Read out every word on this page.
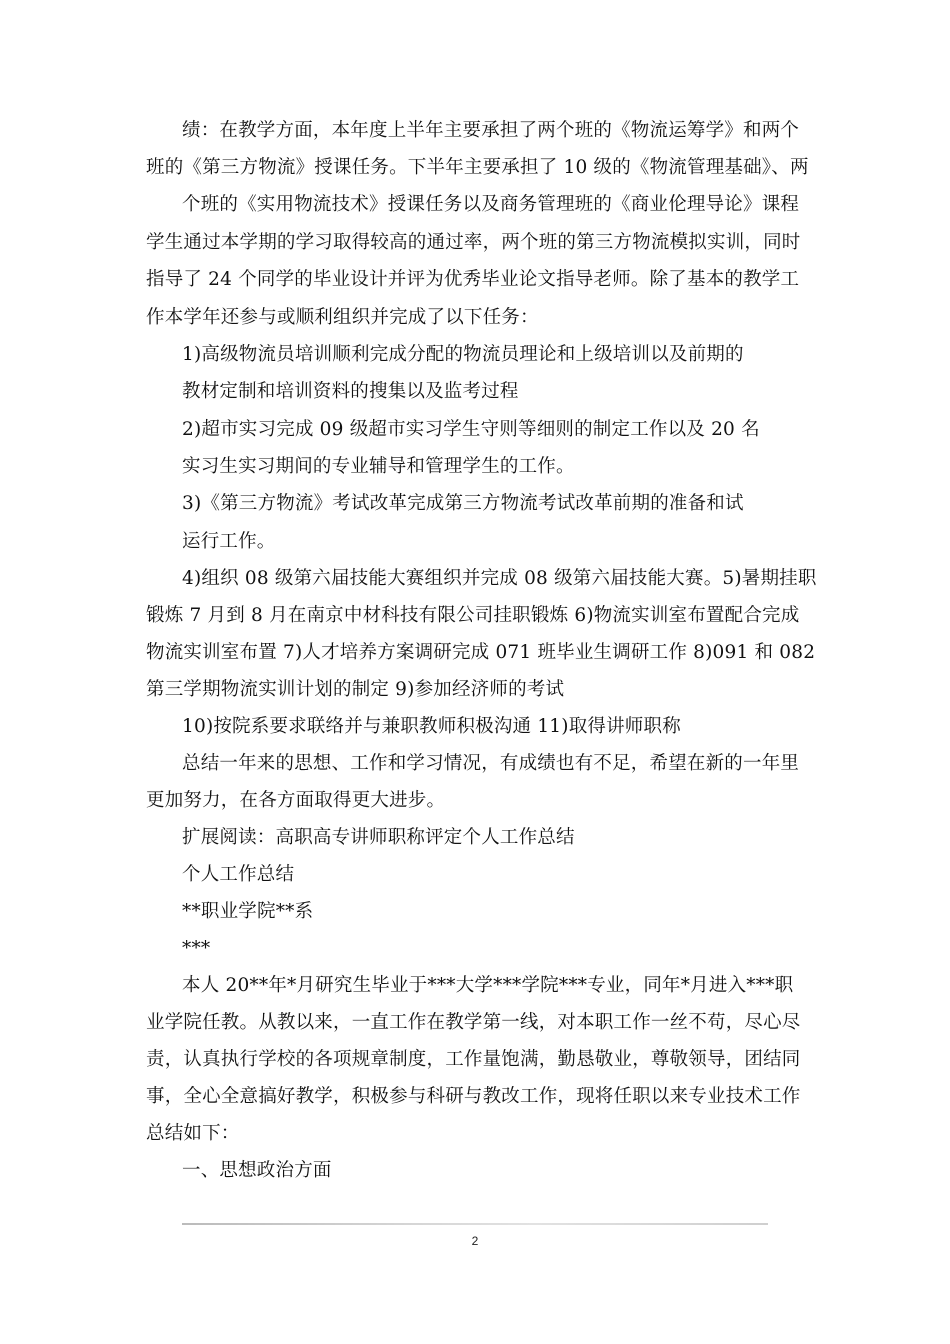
绩：在教学方面，本年度上半年主要承担了两个班的《物流运筹学》和两个
班的《第三方物流》授课任务。下半年主要承担了 10 级的《物流管理基础》、两
个班的《实用物流技术》授课任务以及商务管理班的《商业伦理导论》课程
学生通过本学期的学习取得较高的通过率，两个班的第三方物流模拟实训，同时
指导了 24 个同学的毕业设计并评为优秀毕业论文指导老师。除了基本的教学工
作本学年还参与或顺利组织并完成了以下任务：
1)高级物流员培训顺利完成分配的物流员理论和上级培训以及前期的
教材定制和培训资料的搜集以及监考过程
2)超市实习完成 09 级超市实习学生守则等细则的制定工作以及 20 名
实习生实习期间的专业辅导和管理学生的工作。
3)《第三方物流》考试改革完成第三方物流考试改革前期的准备和试
运行工作。
4)组织 08 级第六届技能大赛组织并完成 08 级第六届技能大赛。5)暑期挂职
锻炼 7 月到 8 月在南京中材科技有限公司挂职锻炼 6)物流实训室布置配合完成
物流实训室布置 7)人才培养方案调研完成 071 班毕业生调研工作 8)091 和 082
第三学期物流实训计划的制定 9)参加经济师的考试
10)按院系要求联络并与兼职教师积极沟通 11)取得讲师职称
总结一年来的思想、工作和学习情况，有成绩也有不足，希望在新的一年里
更加努力，在各方面取得更大进步。
扩展阅读：高职高专讲师职称评定个人工作总结
个人工作总结
**职业学院**系
***
本人 20**年*月研究生毕业于***大学***学院***专业，同年*月进入***职
业学院任教。从教以来，一直工作在教学第一线，对本职工作一丝不苟，尽心尽
责，认真执行学校的各项规章制度，工作量饱满，勤恳敬业，尊敬领导，团结同
事，全心全意搞好教学，积极参与科研与教改工作，现将任职以来专业技术工作
总结如下：
一、思想政治方面
2
